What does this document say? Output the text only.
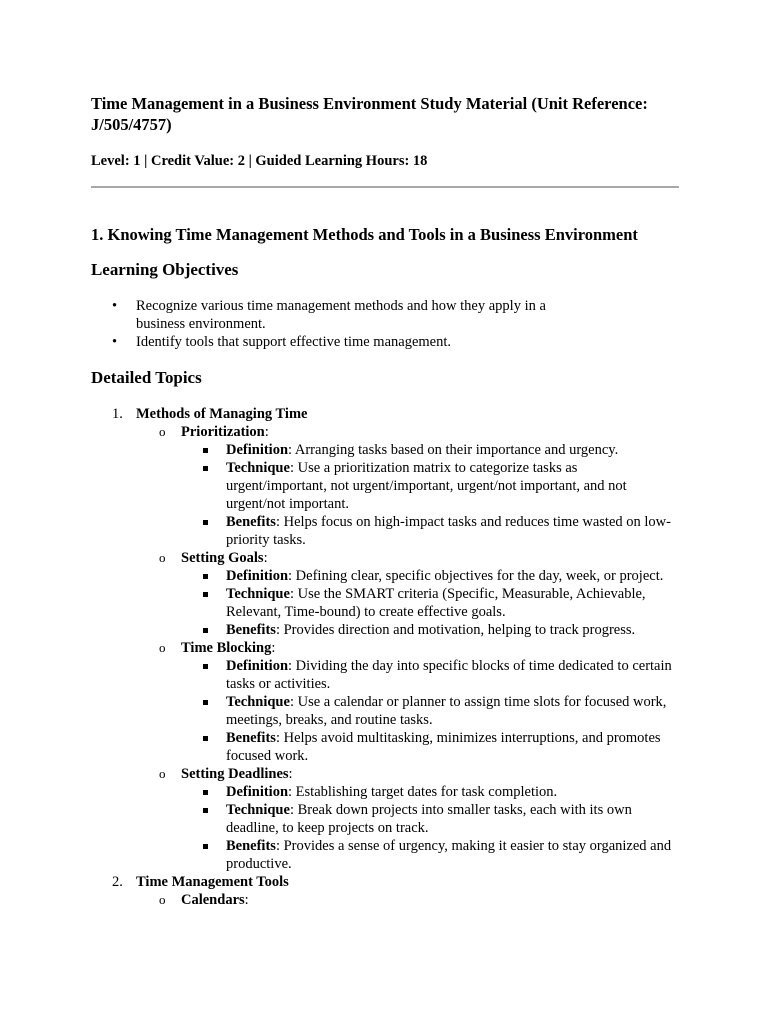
Time Management in a Business Environment Study Material (Unit Reference: J/505/4757)

Level: 1 | Credit Value: 2 | Guided Learning Hours: 18

1. Knowing Time Management Methods and Tools in a Business Environment
Learning Objectives
• Recognize various time management methods and how they apply in a business environment.
• Identify tools that support effective time management.
Detailed Topics
1. Methods of Managing Time
o Prioritization:
Definition: Arranging tasks based on their importance and urgency.
Technique: Use a prioritization matrix to categorize tasks as urgent/important, not urgent/important, urgent/not important, and not urgent/not important.
Benefits: Helps focus on high-impact tasks and reduces time wasted on low-priority tasks.
o Setting Goals:
Definition: Defining clear, specific objectives for the day, week, or project.
Technique: Use the SMART criteria (Specific, Measurable, Achievable, Relevant, Time-bound) to create effective goals.
Benefits: Provides direction and motivation, helping to track progress.
o Time Blocking:
Definition: Dividing the day into specific blocks of time dedicated to certain tasks or activities.
Technique: Use a calendar or planner to assign time slots for focused work, meetings, breaks, and routine tasks.
Benefits: Helps avoid multitasking, minimizes interruptions, and promotes focused work.
o Setting Deadlines:
Definition: Establishing target dates for task completion.
Technique: Break down projects into smaller tasks, each with its own deadline, to keep projects on track.
Benefits: Provides a sense of urgency, making it easier to stay organized and productive.
2. Time Management Tools
o Calendars:
